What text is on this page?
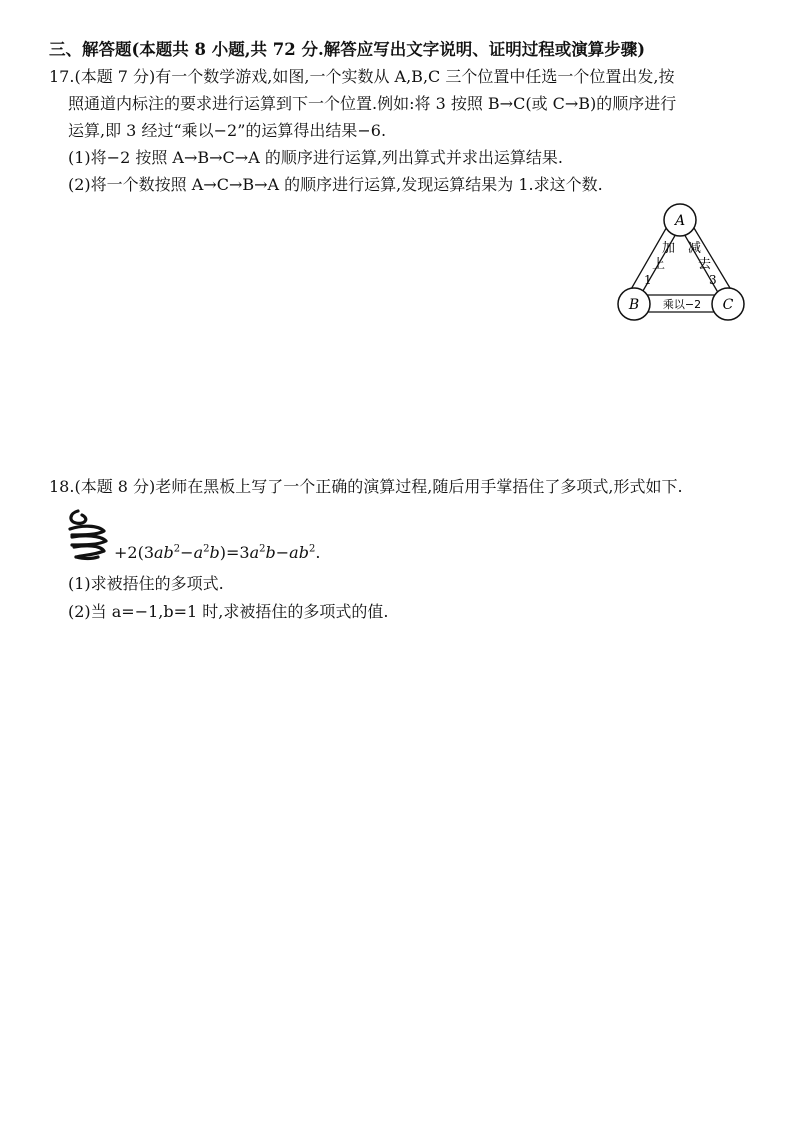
三、解答题(本题共 8 小题,共 72 分.解答应写出文字说明、证明过程或演算步骤)
17.(本题 7 分)有一个数学游戏,如图,一个实数从 A,B,C 三个位置中任选一个位置出发,按
照通道内标注的要求进行运算到下一个位置.例如:将 3 按照 B→C(或 C→B)的顺序进行
运算,即 3 经过“乘以−2”的运算得出结果−6.
(1)将−2 按照 A→B→C→A 的顺序进行运算,列出算式并求出运算结果.
(2)将一个数按照 A→C→B→A 的顺序进行运算,发现运算结果为 1.求这个数.
A
B	C
加
上
1
减
去
3
乘以−2
18.(本题 8 分)老师在黑板上写了一个正确的演算过程,随后用手掌捂住了多项式,形式如下.
$+2(3ab^2-a^2b)=3a^2b-ab^2$.
(1)求被捂住的多项式.
(2)当 a=−1,b=1 时,求被捂住的多项式的值.
